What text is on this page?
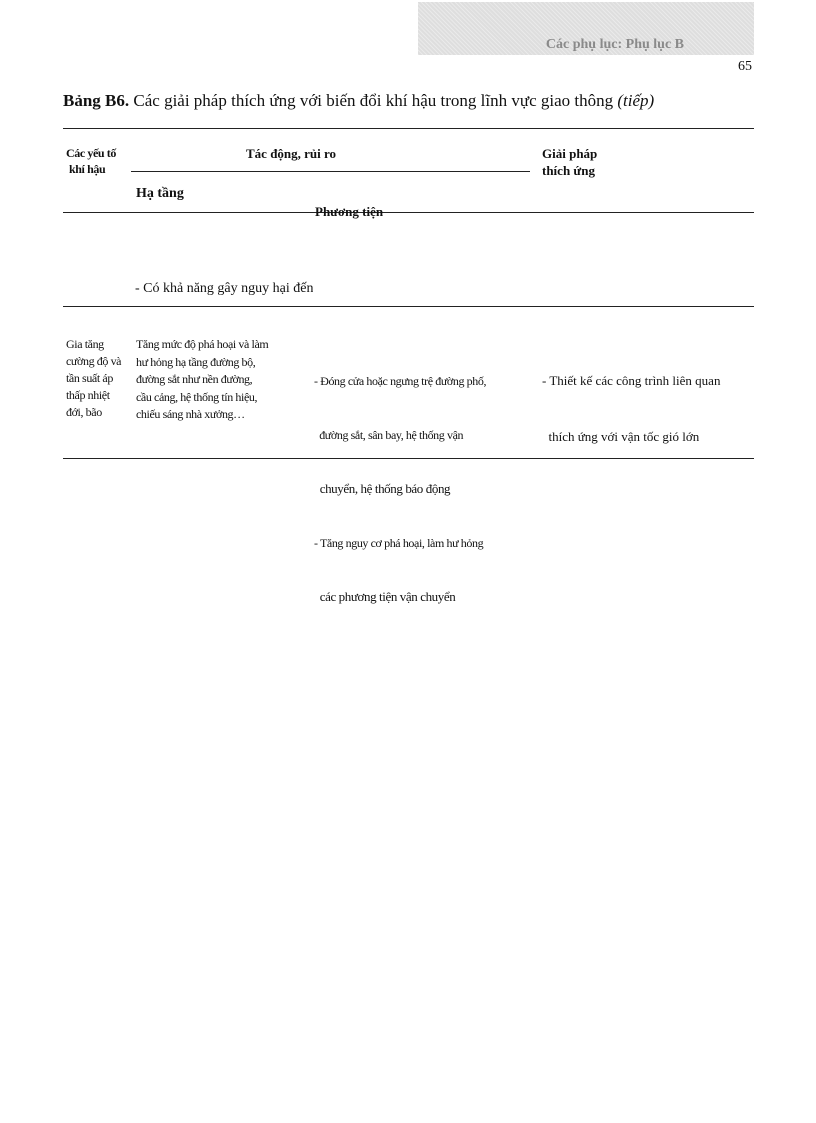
Các phụ lục: Phụ lục B
65
Bảng B6. Các giải pháp thích ứng với biến đổi khí hậu trong lĩnh vực giao thông (tiếp)
Các yếu tố
khí hậu
Tác động, rủi ro	Giải pháp
thích ứng
Hạ tầng
Phương tiện

- Có khả năng gây nguy hại đến

Gia tăng
cường độ và
tần suất áp
thấp nhiệt
đới, bão
Tăng mức độ phá hoại và làm
hư hỏng hạ tầng đường bộ,
đường sắt như nền đường,
cầu cảng, hệ thống tín hiệu,
chiếu sáng nhà xưởng…

- Đóng cửa hoặc ngưng trệ đường phố,

đường sắt, sân bay, hệ thống vận

chuyển, hệ thống báo động

- Tăng nguy cơ phá hoại, làm hư hỏng

các phương tiện vận chuyển

- Thiết kế các công trình liên quan

thích ứng với vận tốc gió lớn
